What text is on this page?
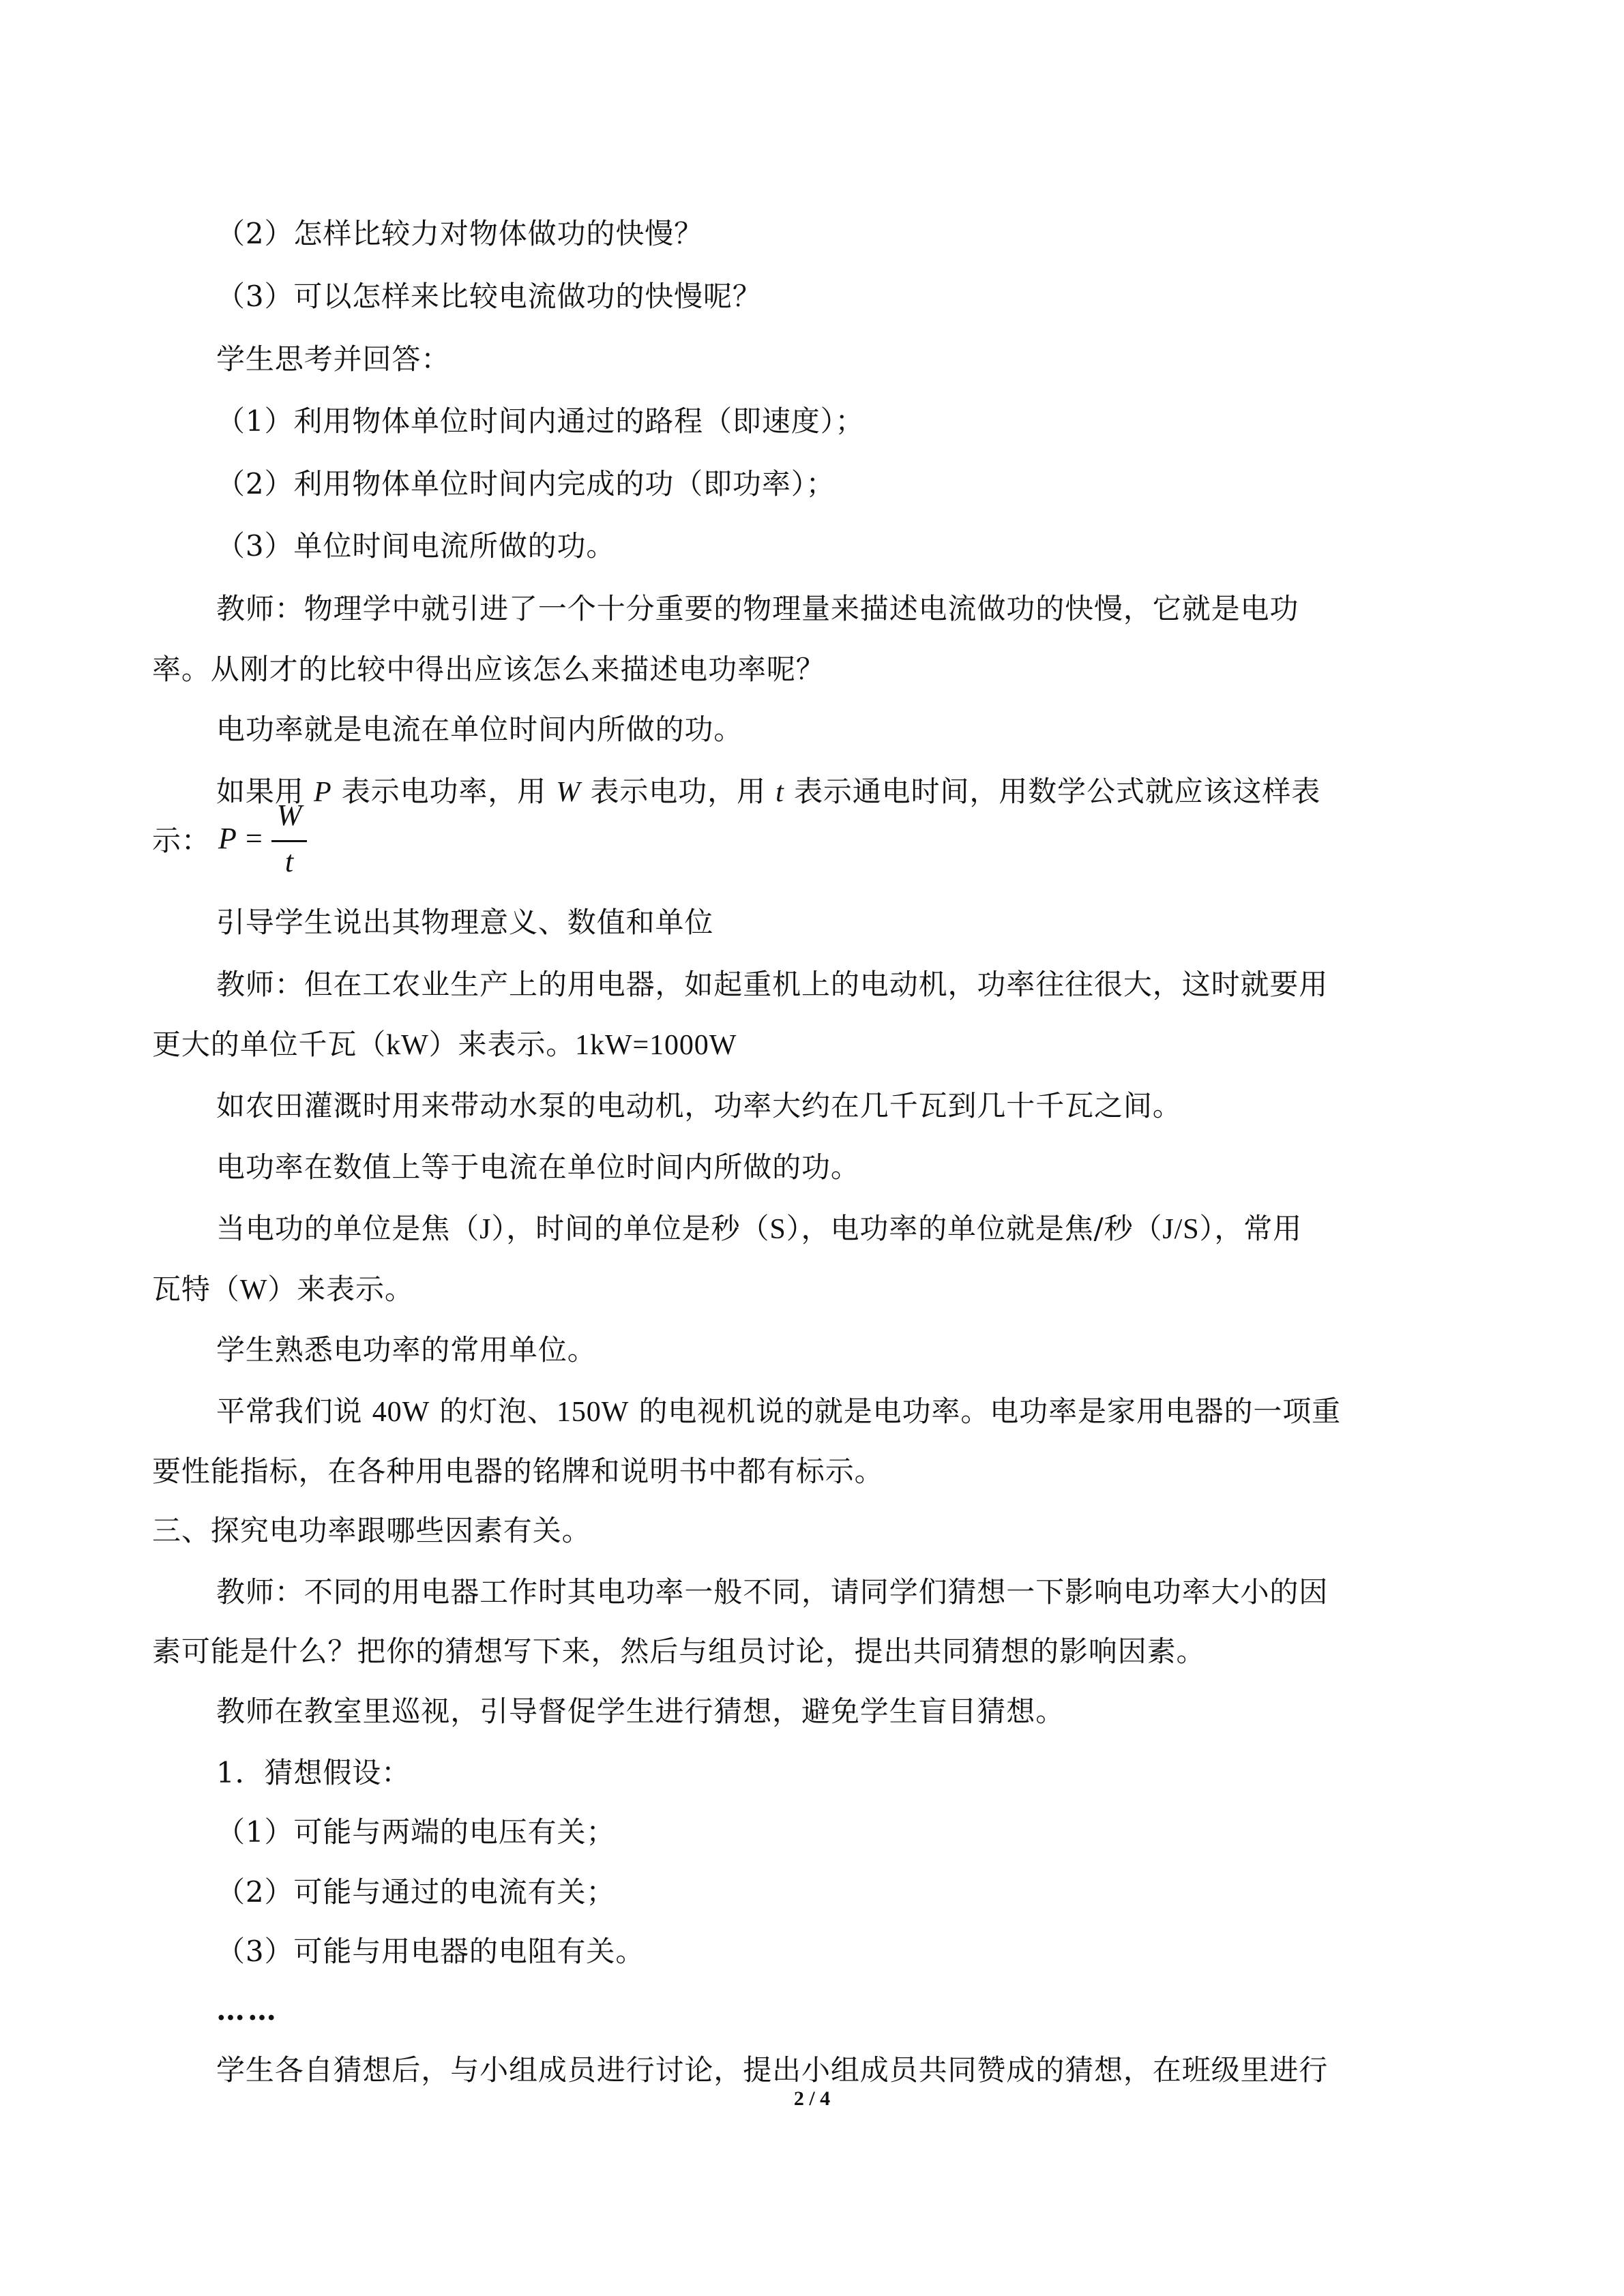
（2）怎样比较力对物体做功的快慢？
（3）可以怎样来比较电流做功的快慢呢？
学生思考并回答：
（1）利用物体单位时间内通过的路程（即速度）；
（2）利用物体单位时间内完成的功（即功率）；
（3）单位时间电流所做的功。
教师：物理学中就引进了一个十分重要的物理量来描述电流做功的快慢，它就是电功
率。从刚才的比较中得出应该怎么来描述电功率呢？
电功率就是电流在单位时间内所做的功。
如果用 P 表示电功率，用 W 表示电功，用 t 表示通电时间，用数学公式就应该这样表
示： P =
W
t
引导学生说出其物理意义、数值和单位
教师：但在工农业生产上的用电器，如起重机上的电动机，功率往往很大，这时就要用
更大的单位千瓦（kW）来表示。1kW=1000W
如农田灌溉时用来带动水泵的电动机，功率大约在几千瓦到几十千瓦之间。
电功率在数值上等于电流在单位时间内所做的功。
当电功的单位是焦（J），时间的单位是秒（S），电功率的单位就是焦/秒（J/S），常用
瓦特（W）来表示。
学生熟悉电功率的常用单位。
平常我们说 40W 的灯泡、150W 的电视机说的就是电功率。电功率是家用电器的一项重
要性能指标，在各种用电器的铭牌和说明书中都有标示。
三、探究电功率跟哪些因素有关。
教师：不同的用电器工作时其电功率一般不同，请同学们猜想一下影响电功率大小的因
素可能是什么？把你的猜想写下来，然后与组员讨论，提出共同猜想的影响因素。
教师在教室里巡视，引导督促学生进行猜想，避免学生盲目猜想。
1．猜想假设：
（1）可能与两端的电压有关；
（2）可能与通过的电流有关；
（3）可能与用电器的电阻有关。
……
学生各自猜想后，与小组成员进行讨论，提出小组成员共同赞成的猜想，在班级里进行
2 / 4
